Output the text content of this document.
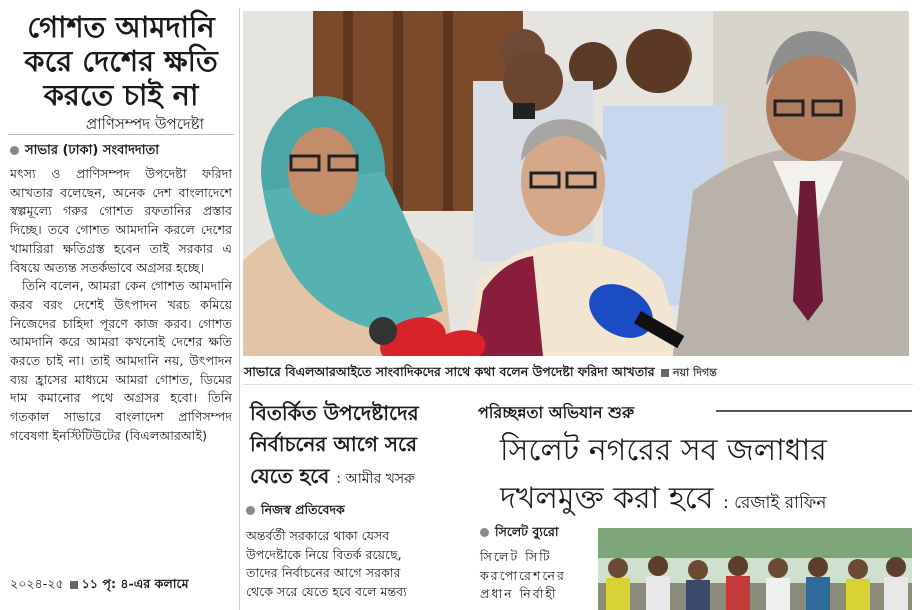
গোশত আমদানি করে দেশের ক্ষতি করতে চাই না
প্রাণিসম্পদ উপদেষ্টা
সাভার (ঢাকা) সংবাদদাতা

মৎস্য ও প্রাণিসম্পদ উপদেষ্টা ফরিদা আখতার বলেছেন, অনেক দেশ বাংলাদেশে স্বল্পমূল্যে গরুর গোশত রফতানির প্রস্তাব দিচ্ছে। তবে গোশত আমদানি করলে দেশের খামারিরা ক্ষতিগ্রস্ত হবেন তাই সরকার এ বিষয়ে অত্যন্ত সতর্কভাবে অগ্রসর হচ্ছে।

তিনি বলেন, আমরা কেন গোশত আমদানি করব বরং দেশেই উৎপাদন খরচ কমিয়ে নিজেদের চাহিদা পূরণে কাজ করব। গোশত আমদানি করে আমরা কখনোই দেশের ক্ষতি করতে চাই না। তাই আমদানি নয়, উৎপাদন ব্যয় হ্রাসের মাধ্যমে আমরা গোশত, ডিমের দাম কমানোর পথে অগ্রসর হবো। তিনি গতকাল সাভারে বাংলাদেশ প্রাণিসম্পদ গবেষণা ইনস্টিটিউটের (বিএলআরআই)

২০২৪-২৫ ১১ পৃ: ৪-এর কলামে
সাভারে বিএলআরআইতে সাংবাদিকদের সাথে কথা বলেন উপদেষ্টা ফরিদা আখতার নয়া দিগন্ত
বিতর্কিত উপদেষ্টাদের
নির্বাচনের আগে সরে
যেতে হবে : আমীর খসরু
নিজস্ব প্রতিবেদক

অন্তর্বর্তী সরকারে থাকা যেসব

উপদেষ্টাকে নিয়ে বিতর্ক রয়েছে,

তাদের নির্বাচনের আগে সরকার

থেকে সরে যেতে হবে বলে মন্তব্য

পরিচ্ছন্নতা অভিযান শুরু
সিলেট নগরের সব জলাধার
দখলমুক্ত করা হবে : রেজাই রাফিন
সিলেট ব্যুরো

সিলেট সিটি

করপোরেশনের

প্রধান নির্বাহী
